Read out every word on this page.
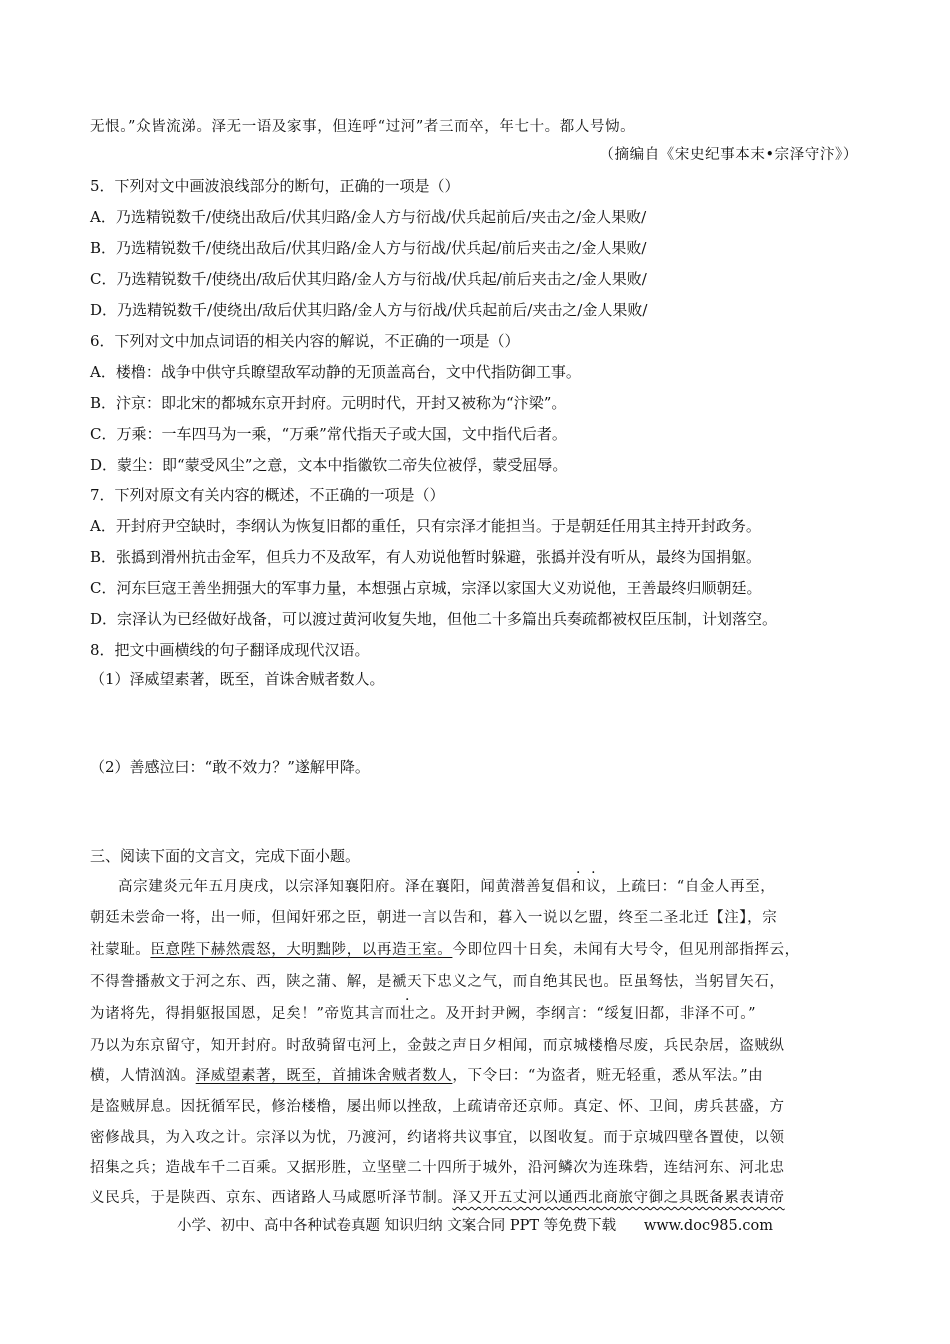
无恨。”众皆流涕。泽无一语及家事，但连呼“过河”者三而卒，年七十。都人号恸。
（摘编自《宋史纪事本末•宗泽守汴》）
5．下列对文中画波浪线部分的断句，正确的一项是（）
A．乃选精锐数千/使绕出敌后/伏其归路/金人方与衍战/伏兵起前后/夹击之/金人果败/
B．乃选精锐数千/使绕出敌后/伏其归路/金人方与衍战/伏兵起/前后夹击之/金人果败/
C．乃选精锐数千/使绕出/敌后伏其归路/金人方与衍战/伏兵起/前后夹击之/金人果败/
D．乃选精锐数千/使绕出/敌后伏其归路/金人方与衍战/伏兵起前后/夹击之/金人果败/
6．下列对文中加点词语的相关内容的解说，不正确的一项是（）
A．楼橹：战争中供守兵瞭望敌军动静的无顶盖高台，文中代指防御工事。
B．汴京：即北宋的都城东京开封府。元明时代，开封又被称为“汴梁”。
C．万乘：一车四马为一乘，“万乘”常代指天子或大国，文中指代后者。
D．蒙尘：即“蒙受风尘”之意，文本中指徽钦二帝失位被俘，蒙受屈辱。
7．下列对原文有关内容的概述，不正确的一项是（）
A．开封府尹空缺时，李纲认为恢复旧都的重任，只有宗泽才能担当。于是朝廷任用其主持开封政务。
B．张撝到滑州抗击金军，但兵力不及敌军，有人劝说他暂时躲避，张撝并没有听从，最终为国捐躯。
C．河东巨寇王善坐拥强大的军事力量，本想强占京城，宗泽以家国大义劝说他，王善最终归顺朝廷。
D．宗泽认为已经做好战备，可以渡过黄河收复失地，但他二十多篇出兵奏疏都被权臣压制，计划落空。
8．把文中画横线的句子翻译成现代汉语。
（1）泽威望素著，既至，首诛舍贼者数人。
（2）善感泣曰：“敢不效力？”遂解甲降。
三、阅读下面的文言文，完成下面小题。
高宗建炎元年五月庚戌，以宗泽知襄阳府。泽在襄阳，闻黄潜善复倡和议，上疏曰：“自金人再至，
朝廷未尝命一将，出一师，但闻奸邪之臣，朝进一言以告和，暮入一说以乞盟，终至二圣北迁【注】，宗
社蒙耻。臣意陛下赫然震怒，大明黜陟，以再造王室。今即位四十日矣，未闻有大号令，但见刑部指挥云，
不得誊播赦文于河之东、西，陕之蒲、解，是褫天下忠义之气，而自绝其民也。臣虽驽怯，当躬冒矢石，
为诸将先，得捐躯报国恩，足矣！”帝览其言而壮之。及开封尹阙，李纲言：“绥复旧都，非泽不可。”
乃以为东京留守，知开封府。时敌骑留屯河上，金鼓之声日夕相闻，而京城楼橹尽废，兵民杂居，盗贼纵
横，人情汹汹。泽威望素著，既至，首捕诛舍贼者数人，下令曰：“为盗者，赃无轻重，悉从军法。”由
是盗贼屏息。因抚循军民，修治楼橹，屡出师以挫敌，上疏请帝还京师。真定、怀、卫间，虏兵甚盛，方
密修战具，为入攻之计。宗泽以为忧，乃渡河，约诸将共议事宜，以图收复。而于京城四壁各置使，以领
招集之兵；造战车千二百乘。又据形胜，立坚壁二十四所于城外，沿河鳞次为连珠砦，连结河东、河北忠
义民兵，于是陕西、京东、西诸路人马咸愿听泽节制。泽又开五丈河以通西北商旅守御之具既备累表请帝
小学、初中、高中各种试卷真题 知识归纳 文案合同 PPT 等免费下载 www.doc985.com
